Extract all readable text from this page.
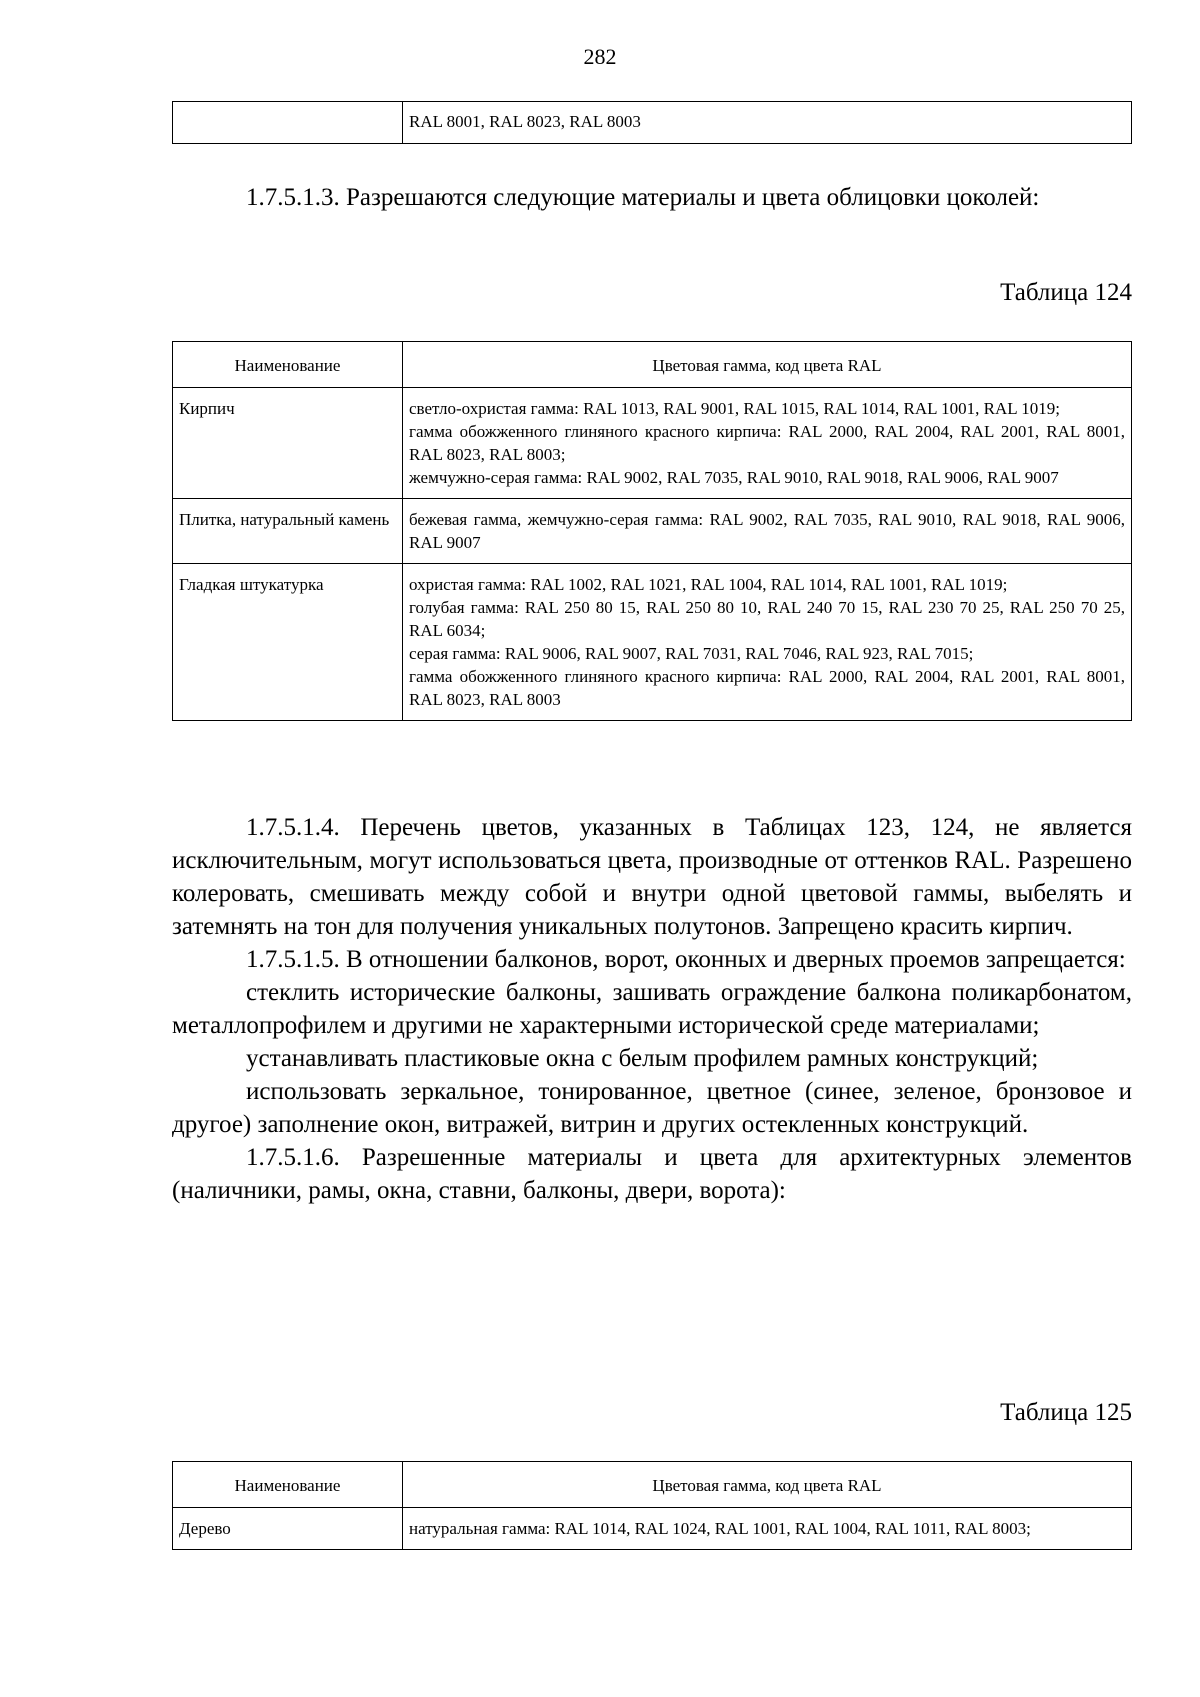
282
	RAL 8001, RAL 8023, RAL 8003

1.7.5.1.3. Разрешаются следующие материалы и цвета облицовки цоколей:

Таблица 124
Наименование	Цветовая гамма, код цвета RAL
Кирпич	светло-охристая гамма: RAL 1013, RAL 9001, RAL 1015, RAL 1014, RAL 1001, RAL 1019;
гамма обожженного глиняного красного кирпича: RAL 2000, RAL 2004, RAL 2001, RAL 8001, RAL 8023, RAL 8003;
жемчужно-серая гамма: RAL 9002, RAL 7035, RAL 9010, RAL 9018, RAL 9006, RAL 9007

Плитка, натуральный камень	бежевая гамма, жемчужно-серая гамма: RAL 9002, RAL 7035, RAL 9010, RAL 9018, RAL 9006, RAL 9007

Гладкая штукатурка	охристая гамма: RAL 1002, RAL 1021, RAL 1004, RAL 1014, RAL 1001, RAL 1019;
голубая гамма: RAL 250 80 15, RAL 250 80 10, RAL 240 70 15, RAL 230 70 25, RAL 250 70 25, RAL 6034;
серая гамма: RAL 9006, RAL 9007, RAL 7031, RAL 7046, RAL 923, RAL 7015;
гамма обожженного глиняного красного кирпича: RAL 2000, RAL 2004, RAL 2001, RAL 8001, RAL 8023, RAL 8003

1.7.5.1.4. Перечень цветов, указанных в Таблицах 123, 124, не является исключительным, могут использоваться цвета, производные от оттенков RAL. Разрешено колеровать, смешивать между собой и внутри одной цветовой гаммы, выбелять и затемнять на тон для получения уникальных полутонов. Запрещено красить кирпич.

1.7.5.1.5. В отношении балконов, ворот, оконных и дверных проемов запрещается:

стеклить исторические балконы, зашивать ограждение балкона поликарбонатом, металлопрофилем и другими не характерными исторической среде материалами;

устанавливать пластиковые окна с белым профилем рамных конструкций;

использовать зеркальное, тонированное, цветное (синее, зеленое, бронзовое и другое) заполнение окон, витражей, витрин и других остекленных конструкций.

1.7.5.1.6. Разрешенные материалы и цвета для архитектурных элементов (наличники, рамы, окна, ставни, балконы, двери, ворота):

Таблица 125
Наименование	Цветовая гамма, код цвета RAL
Дерево	натуральная гамма: RAL 1014, RAL 1024, RAL 1001, RAL 1004, RAL 1011, RAL 8003;
